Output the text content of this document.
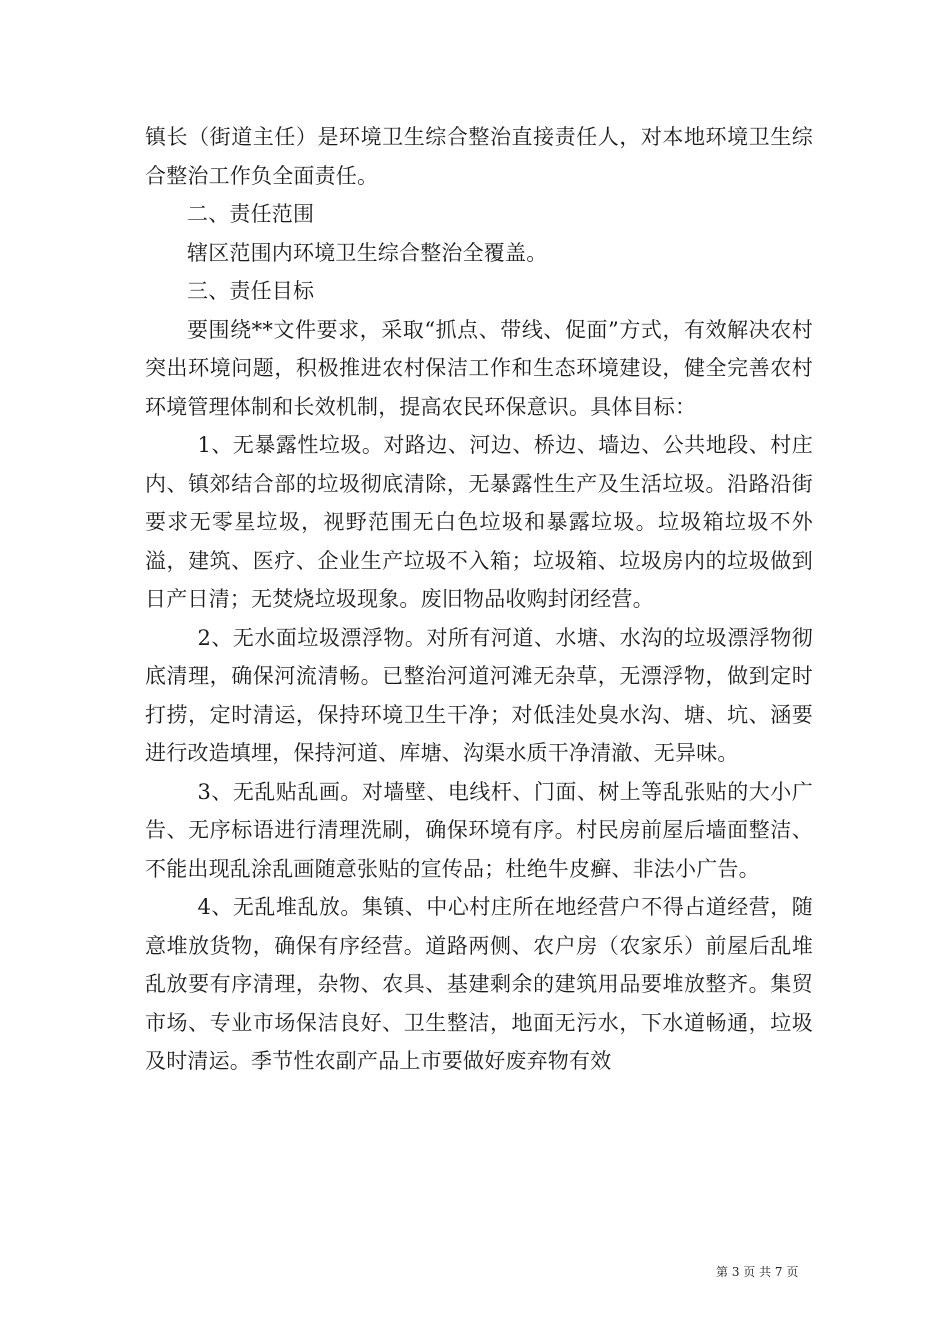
镇长（街道主任）是环境卫生综合整治直接责任人，对本地环境卫生综合整治工作负全面责任。

二、责任范围

辖区范围内环境卫生综合整治全覆盖。

三、责任目标

要围绕**文件要求，采取“抓点、带线、促面”方式，有效解决农村突出环境问题，积极推进农村保洁工作和生态环境建设，健全完善农村环境管理体制和长效机制，提高农民环保意识。具体目标：

1、无暴露性垃圾。对路边、河边、桥边、墙边、公共地段、村庄内、镇郊结合部的垃圾彻底清除，无暴露性生产及生活垃圾。沿路沿街要求无零星垃圾，视野范围无白色垃圾和暴露垃圾。垃圾箱垃圾不外溢，建筑、医疗、企业生产垃圾不入箱；垃圾箱、垃圾房内的垃圾做到日产日清；无焚烧垃圾现象。废旧物品收购封闭经营。

2、无水面垃圾漂浮物。对所有河道、水塘、水沟的垃圾漂浮物彻底清理，确保河流清畅。已整治河道河滩无杂草，无漂浮物，做到定时打捞，定时清运，保持环境卫生干净；对低洼处臭水沟、塘、坑、涵要进行改造填埋，保持河道、库塘、沟渠水质干净清澈、无异味。

3、无乱贴乱画。对墙壁、电线杆、门面、树上等乱张贴的大小广告、无序标语进行清理洗刷，确保环境有序。村民房前屋后墙面整洁、不能出现乱涂乱画随意张贴的宣传品；杜绝牛皮癣、非法小广告。

4、无乱堆乱放。集镇、中心村庄所在地经营户不得占道经营，随意堆放货物，确保有序经营。道路两侧、农户房（农家乐）前屋后乱堆乱放要有序清理，杂物、农具、基建剩余的建筑用品要堆放整齐。集贸市场、专业市场保洁良好、卫生整洁，地面无污水，下水道畅通，垃圾及时清运。季节性农副产品上市要做好废弃物有效

第 3 页 共 7 页
